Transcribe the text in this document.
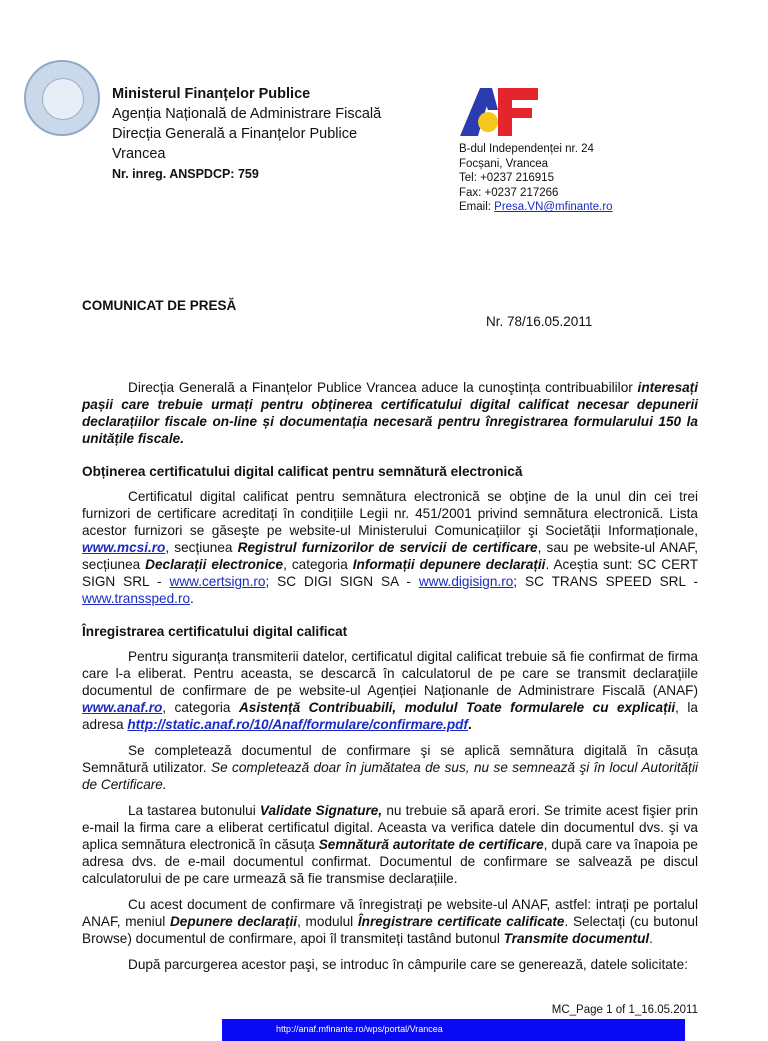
Ministerul Finanțelor Publice
Agenția Națională de Administrare Fiscală
Direcția Generală a Finanțelor Publice
Vrancea
Nr. inreg. ANSPDCP: 759
B-dul Independenței nr. 24
Focșani, Vrancea
Tel: +0237 216915
Fax: +0237 217266
Email: Presa.VN@mfinante.ro
COMUNICAT DE PRESĂ
Nr. 78/16.05.2011
Direcția Generală a Finanțelor Publice Vrancea aduce la cunoştința contribuabililor interesați pașii care trebuie urmați pentru obținerea certificatului digital calificat necesar depunerii declarațiilor fiscale on-line și documentația necesară pentru înregistrarea formularului 150 la unitățile fiscale.
Obținerea certificatului digital calificat pentru semnătură electronică
Certificatul digital calificat pentru semnătura electronică se obține de la unul din cei trei furnizori de certificare acreditați în condițiile Legii nr. 451/2001 privind semnătura electronică. Lista acestor furnizori se găseşte pe website-ul Ministerului Comunicațiilor şi Societății Informaționale, www.mcsi.ro, secțiunea Registrul furnizorilor de servicii de certificare, sau pe website-ul ANAF, secțiunea Declarații electronice, categoria Informații depunere declarații. Aceștia sunt: SC CERT SIGN SRL - www.certsign.ro; SC DIGI SIGN SA - www.digisign.ro; SC TRANS SPEED SRL - www.transsped.ro.
Înregistrarea certificatului digital calificat
Pentru siguranța transmiterii datelor, certificatul digital calificat trebuie să fie confirmat de firma care l-a eliberat. Pentru aceasta, se descarcă în calculatorul de pe care se transmit declarațiile documentul de confirmare de pe website-ul Agenției Naționanle de Administrare Fiscală (ANAF) www.anaf.ro, categoria Asistență Contribuabili, modulul Toate formularele cu explicații, la adresa http://static.anaf.ro/10/Anaf/formulare/confirmare.pdf.
Se completează documentul de confirmare şi se aplică semnătura digitală în căsuța Semnătură utilizator. Se completează doar în jumătatea de sus, nu se semnează şi în locul Autorității de Certificare.
La tastarea butonului Validate Signature, nu trebuie să apară erori. Se trimite acest fişier prin e-mail la firma care a eliberat certificatul digital. Aceasta va verifica datele din documentul dvs. şi va aplica semnătura electronică în căsuța Semnătură autoritate de certificare, după care va înapoia pe adresa dvs. de e-mail documentul confirmat. Documentul de confirmare se salvează pe discul calculatorului de pe care urmează să fie transmise declarațiile.
Cu acest document de confirmare vă înregistrați pe website-ul ANAF, astfel: intrați pe portalul ANAF, meniul Depunere declarații, modulul Înregistrare certificate calificate. Selectați (cu butonul Browse) documentul de confirmare, apoi îl transmiteți tastând butonul Transmite documentul.
După parcurgerea acestor paşi, se introduc în câmpurile care se generează, datele solicitate:
MC_Page 1 of 1_16.05.2011
http://anaf.mfinante.ro/wps/portal/Vrancea
